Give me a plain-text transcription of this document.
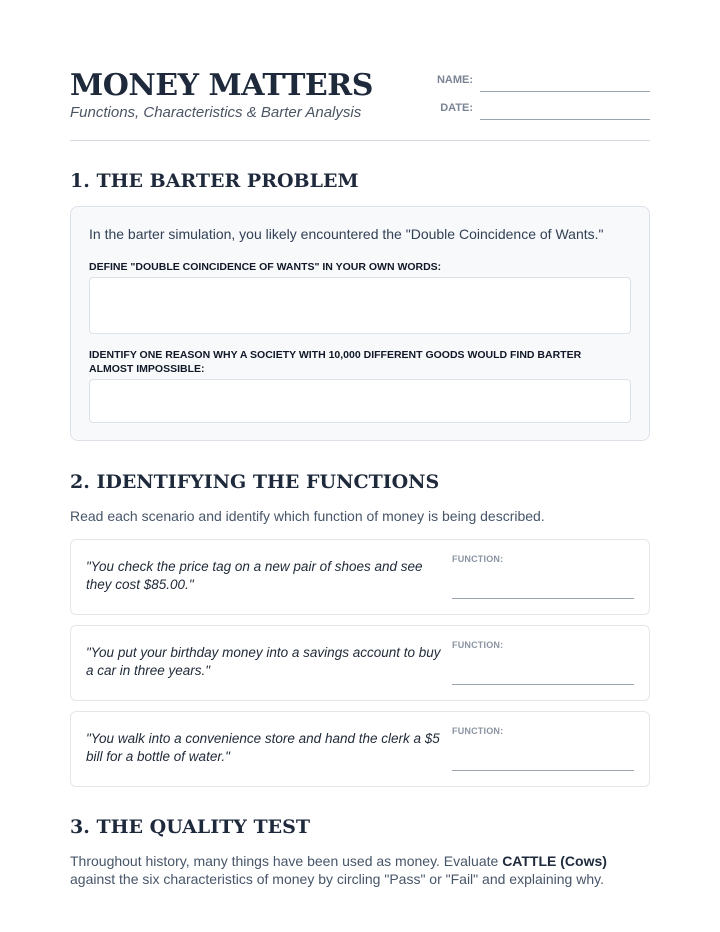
MONEY MATTERS
Functions, Characteristics & Barter Analysis
NAME:
DATE:
1. THE BARTER PROBLEM
In the barter simulation, you likely encountered the "Double Coincidence of Wants."
DEFINE "DOUBLE COINCIDENCE OF WANTS" IN YOUR OWN WORDS:
IDENTIFY ONE REASON WHY A SOCIETY WITH 10,000 DIFFERENT GOODS WOULD FIND BARTER ALMOST IMPOSSIBLE:
2. IDENTIFYING THE FUNCTIONS
Read each scenario and identify which function of money is being described.
"You check the price tag on a new pair of shoes and see they cost $85.00."
FUNCTION:
"You put your birthday money into a savings account to buy a car in three years."
FUNCTION:
"You walk into a convenience store and hand the clerk a $5 bill for a bottle of water."
FUNCTION:
3. THE QUALITY TEST
Throughout history, many things have been used as money. Evaluate CATTLE (Cows) against the six characteristics of money by circling "Pass" or "Fail" and explaining why.
